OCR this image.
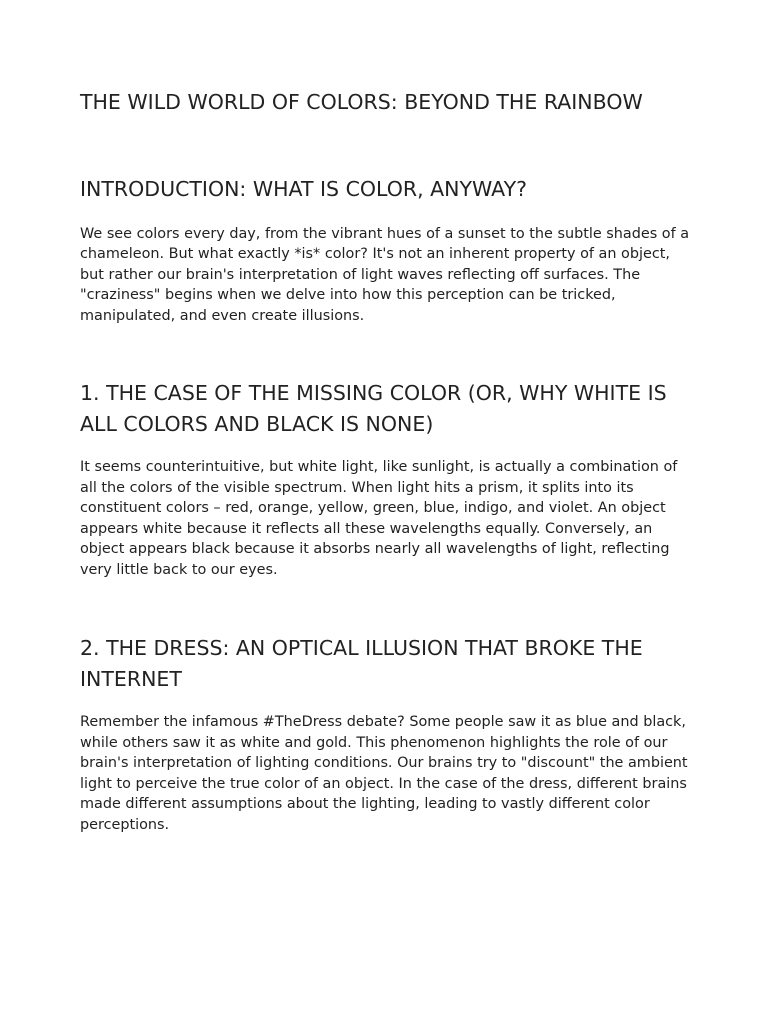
THE WILD WORLD OF COLORS: BEYOND THE RAINBOW
INTRODUCTION: WHAT IS COLOR, ANYWAY?

We see colors every day, from the vibrant hues of a sunset to the subtle shades of a chameleon. But what exactly *is* color? It's not an inherent property of an object, but rather our brain's interpretation of light waves reflecting off surfaces. The "craziness" begins when we delve into how this perception can be tricked, manipulated, and even create illusions.

1. THE CASE OF THE MISSING COLOR (OR, WHY WHITE IS ALL COLORS AND BLACK IS NONE)

It seems counterintuitive, but white light, like sunlight, is actually a combination of all the colors of the visible spectrum. When light hits a prism, it splits into its constituent colors – red, orange, yellow, green, blue, indigo, and violet. An object appears white because it reflects all these wavelengths equally. Conversely, an object appears black because it absorbs nearly all wavelengths of light, reflecting very little back to our eyes.

2. THE DRESS: AN OPTICAL ILLUSION THAT BROKE THE INTERNET

Remember the infamous #TheDress debate? Some people saw it as blue and black, while others saw it as white and gold. This phenomenon highlights the role of our brain's interpretation of lighting conditions. Our brains try to "discount" the ambient light to perceive the true color of an object. In the case of the dress, different brains made different assumptions about the lighting, leading to vastly different color perceptions.
